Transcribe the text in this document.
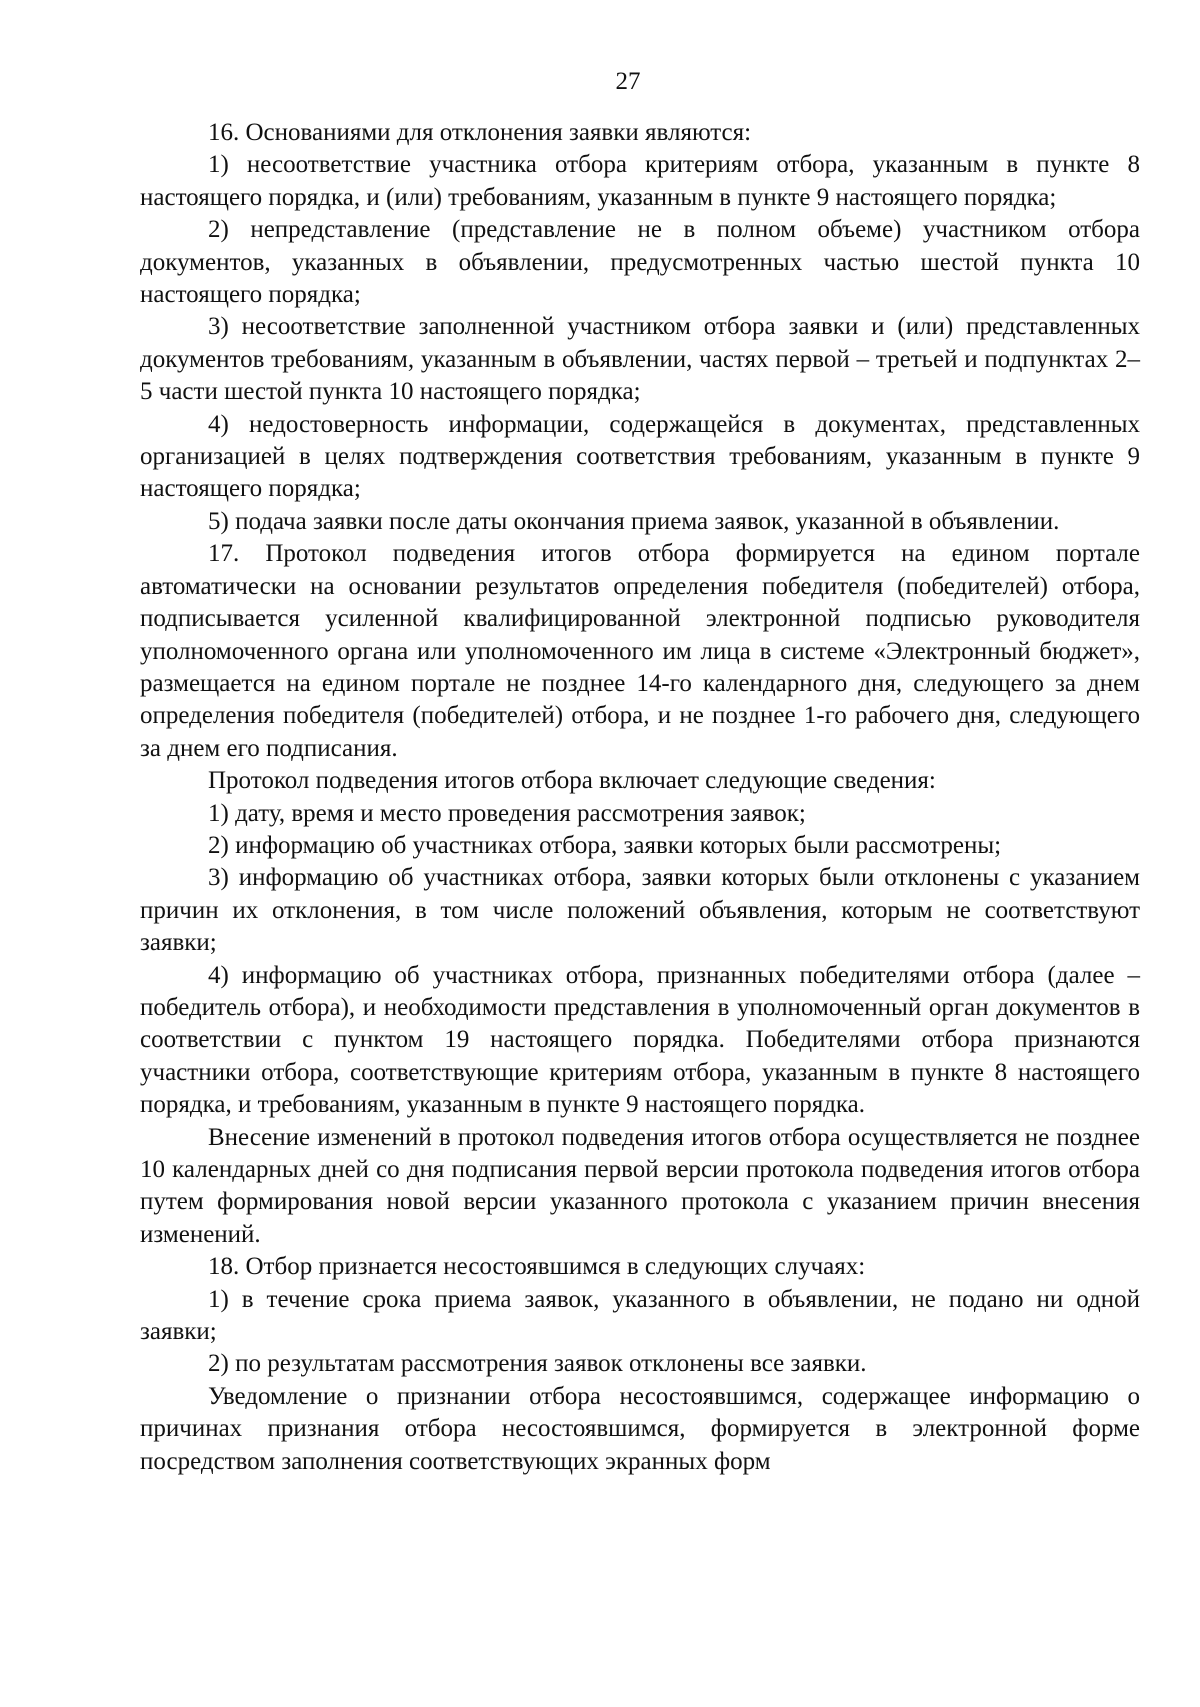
27

16. Основаниями для отклонения заявки являются:

1) несоответствие участника отбора критериям отбора, указанным в пункте 8 настоящего порядка, и (или) требованиям, указанным в пункте 9 настоящего порядка;

2) непредставление (представление не в полном объеме) участником отбора документов, указанных в объявлении, предусмотренных частью шестой пункта 10 настоящего порядка;

3) несоответствие заполненной участником отбора заявки и (или) представленных документов требованиям, указанным в объявлении, частях первой – третьей и подпунктах 2–5 части шестой пункта 10 настоящего порядка;

4) недостоверность информации, содержащейся в документах, представленных организацией в целях подтверждения соответствия требованиям, указанным в пункте 9 настоящего порядка;

5) подача заявки после даты окончания приема заявок, указанной в объявлении.

17. Протокол подведения итогов отбора формируется на едином портале автоматически на основании результатов определения победителя (победителей) отбора, подписывается усиленной квалифицированной электронной подписью руководителя уполномоченного органа или уполномоченного им лица в системе «Электронный бюджет», размещается на едином портале не позднее 14-го календарного дня, следующего за днем определения победителя (победителей) отбора, и не позднее 1-го рабочего дня, следующего за днем его подписания.

Протокол подведения итогов отбора включает следующие сведения:

1) дату, время и место проведения рассмотрения заявок;

2) информацию об участниках отбора, заявки которых были рассмотрены;

3) информацию об участниках отбора, заявки которых были отклонены с указанием причин их отклонения, в том числе положений объявления, которым не соответствуют заявки;

4) информацию об участниках отбора, признанных победителями отбора (далее – победитель отбора), и необходимости представления в уполномоченный орган документов в соответствии с пунктом 19 настоящего порядка. Победителями отбора признаются участники отбора, соответствующие критериям отбора, указанным в пункте 8 настоящего порядка, и требованиям, указанным в пункте 9 настоящего порядка.

Внесение изменений в протокол подведения итогов отбора осуществляется не позднее 10 календарных дней со дня подписания первой версии протокола подведения итогов отбора путем формирования новой версии указанного протокола с указанием причин внесения изменений.

18. Отбор признается несостоявшимся в следующих случаях:

1) в течение срока приема заявок, указанного в объявлении, не подано ни одной заявки;

2) по результатам рассмотрения заявок отклонены все заявки.

Уведомление о признании отбора несостоявшимся, содержащее информацию о причинах признания отбора несостоявшимся, формируется в электронной форме посредством заполнения соответствующих экранных форм
